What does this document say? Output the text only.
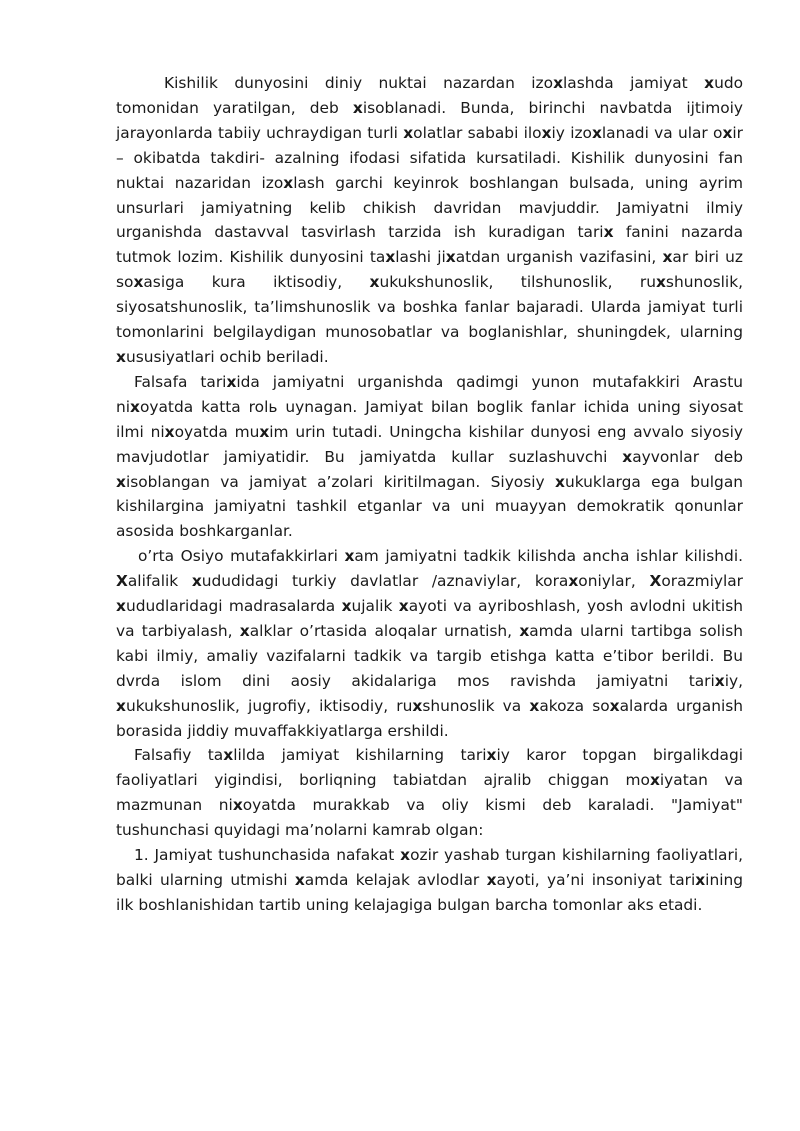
Kishilik dunyosini diniy nuktai nazardan izoxlashda jamiyat xudo tomonidan yaratilgan, deb xisoblanadi. Bunda, birinchi navbatda ijtimoiy jarayonlarda tabiiy uchraydigan turli xolatlar sababi iloxiy izoxlanadi va ular oxir – okibatda takdiri- azalning ifodasi sifatida kursatiladi. Kishilik dunyosini fan nuktai nazaridan izoxlash garchi keyinrok boshlangan bulsada, uning ayrim unsurlari jamiyatning kelib chikish davridan mavjuddir. Jamiyatni ilmiy urganishda dastavval tasvirlash tarzida ish kuradigan tarix fanini nazarda tutmok lozim. Kishilik dunyosini taxlashi jixatdan urganish vazifasini, xar biri uz soxasiga kura iktisodiy, xukukshunoslik, tilshunoslik, ruxshunoslik, siyosatshunoslik, ta’limshunoslik va boshka fanlar bajaradi. Ularda jamiyat turli tomonlarini belgilaydigan munosobatlar va boglanishlar, shuningdek, ularning xususiyatlari ochib beriladi.

Falsafa tarixida jamiyatni urganishda qadimgi yunon mutafakkiri Arastu nixoyatda katta rolь uynagan. Jamiyat bilan boglik fanlar ichida uning siyosat ilmi nixoyatda muxim urin tutadi. Uningcha kishilar dunyosi eng avvalo siyosiy mavjudotlar jamiyatidir. Bu jamiyatda kullar suzlashuvchi xayvonlar deb xisoblangan va jamiyat a’zolari kiritilmagan. Siyosiy xukuklarga ega bulgan kishilargina jamiyatni tashkil etganlar va uni muayyan demokratik qonunlar asosida boshkarganlar.

o’rta Osiyo mutafakkirlari xam jamiyatni tadkik kilishda ancha ishlar kilishdi. Xalifalik xududidagi turkiy davlatlar /aznaviylar, koraxoniylar, Xorazmiylar xududlaridagi madrasalarda xujalik xayoti va ayriboshlash, yosh avlodni ukitish va tarbiyalash, xalklar o’rtasida aloqalar urnatish, xamda ularni tartibga solish kabi ilmiy, amaliy vazifalarni tadkik va targib etishga katta e’tibor berildi. Bu dvrda islom dini aosiy akidalariga mos ravishda jamiyatni tarixiy, xukukshunoslik, jugrofiy, iktisodiy, ruxshunoslik va xakoza soxalarda urganish borasida jiddiy muvaffakkiyatlarga ershildi.

Falsafiy taxlilda jamiyat kishilarning tarixiy karor topgan birgalikdagi faoliyatlari yigindisi, borliqning tabiatdan ajralib chiggan moxiyatan va mazmunan nixoyatda murakkab va oliy kismi deb karaladi. "Jamiyat" tushunchasi quyidagi ma’nolarni kamrab olgan:

1. Jamiyat tushunchasida nafakat xozir yashab turgan kishilarning faoliyatlari, balki ularning utmishi xamda kelajak avlodlar xayoti, ya’ni insoniyat tarixining ilk boshlanishidan tartib uning kelajagiga bulgan barcha tomonlar aks etadi.
